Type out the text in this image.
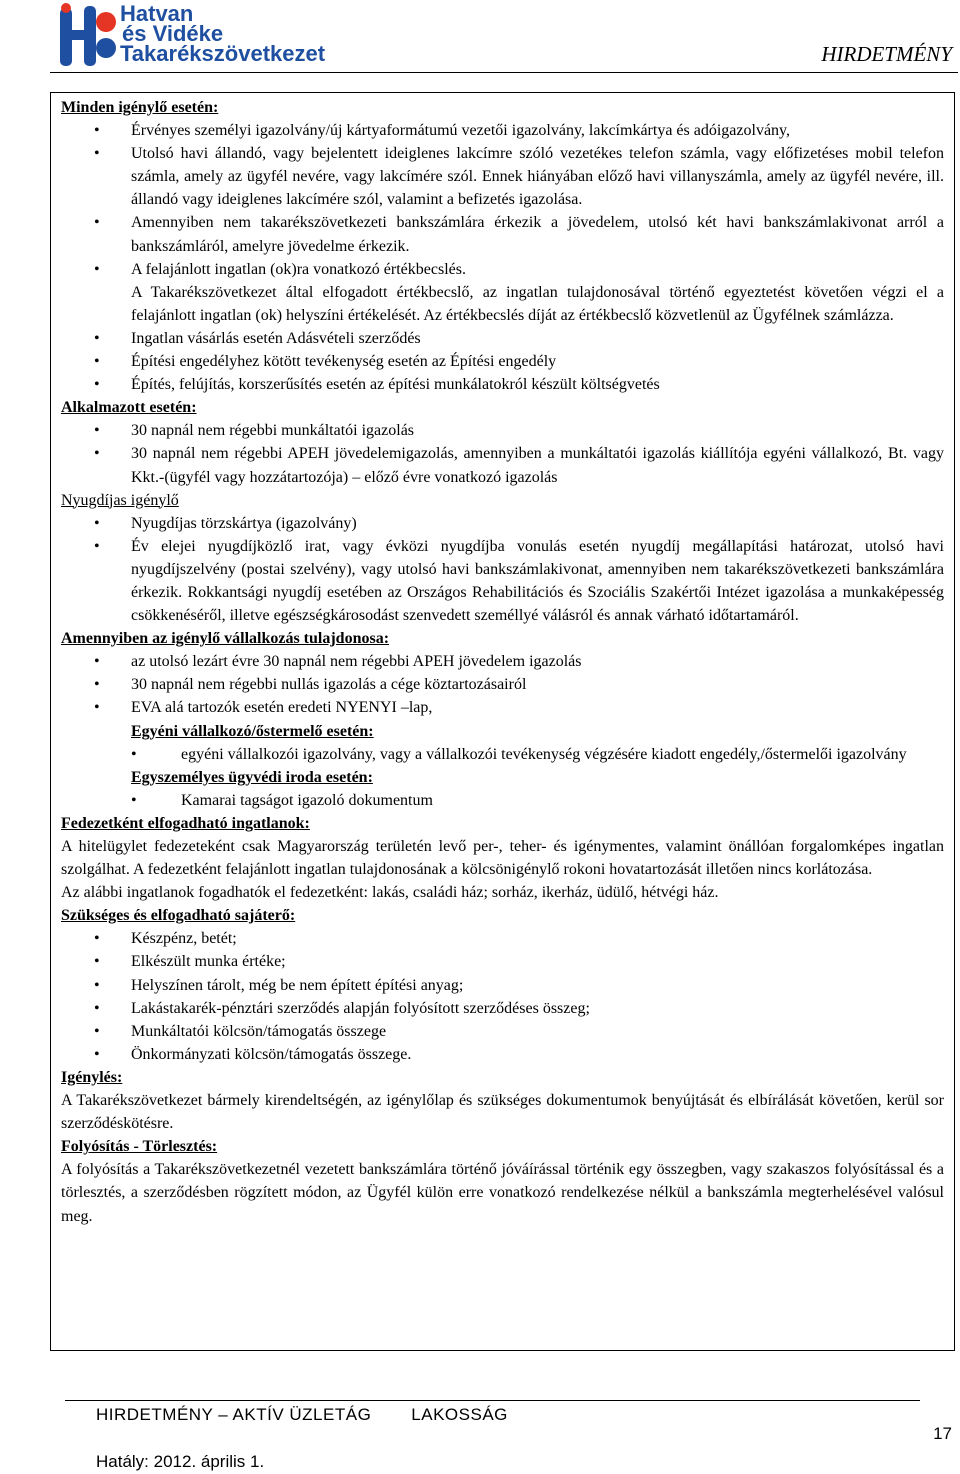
Hatvan
és Vidéke
Takarékszövetkezet	HIRDETMÉNY
Minden igénylő esetén:
• Érvényes személyi igazolvány/új kártyaformátumú vezetői igazolvány, lakcímkártya és adóigazolvány,
• Utolsó havi állandó, vagy bejelentett ideiglenes lakcímre szóló vezetékes telefon számla, vagy előfizetéses mobil telefon számla, amely az ügyfél nevére, vagy lakcímére szól. Ennek hiányában előző havi villanyszámla, amely az ügyfél nevére, ill. állandó vagy ideiglenes lakcímére szól, valamint a befizetés igazolása.
• Amennyiben nem takarékszövetkezeti bankszámlára érkezik a jövedelem, utolsó két havi bankszámlakivonat arról a bankszámláról, amelyre jövedelme érkezik.
• A felajánlott ingatlan (ok)ra vonatkozó értékbecslés.
A Takarékszövetkezet által elfogadott értékbecslő, az ingatlan tulajdonosával történő egyeztetést követően végzi el a felajánlott ingatlan (ok) helyszíni értékelését. Az értékbecslés díját az értékbecslő közvetlenül az Ügyfélnek számlázza.
• Ingatlan vásárlás esetén Adásvételi szerződés
• Építési engedélyhez kötött tevékenység esetén az Építési engedély
• Építés, felújítás, korszerűsítés esetén az építési munkálatokról készült költségvetés
Alkalmazott esetén:
• 30 napnál nem régebbi munkáltatói igazolás
• 30 napnál nem régebbi APEH jövedelemigazolás, amennyiben a munkáltatói igazolás kiállítója egyéni vállalkozó, Bt. vagy Kkt.-(ügyfél vagy hozzátartozója) – előző évre vonatkozó igazolás
Nyugdíjas igénylő
• Nyugdíjas törzskártya (igazolvány)
• Év elejei nyugdíjközlő irat, vagy évközi nyugdíjba vonulás esetén nyugdíj megállapítási határozat, utolsó havi nyugdíjszelvény (postai szelvény), vagy utolsó havi bankszámlakivonat, amennyiben nem takarékszövetkezeti bankszámlára érkezik. Rokkantsági nyugdíj esetében az Országos Rehabilitációs és Szociális Szakértői Intézet igazolása a munkaképesség csökkenéséről, illetve egészségkárosodást szenvedett személlyé válásról és annak várható időtartamáról.
Amennyiben az igénylő vállalkozás tulajdonosa:
• az utolsó lezárt évre 30 napnál nem régebbi APEH jövedelem igazolás
• 30 napnál nem régebbi nullás igazolás a cége köztartozásairól
• EVA alá tartozók esetén eredeti NYENYI –lap,
Egyéni vállalkozó/őstermelő esetén:
•	egyéni vállalkozói igazolvány, vagy a vállalkozói tevékenység végzésére kiadott engedély,/őstermelői igazolvány
Egyszemélyes ügyvédi iroda esetén:
•	Kamarai tagságot igazoló dokumentum
Fedezetként elfogadható ingatlanok:
A hitelügylet fedezeteként csak Magyarország területén levő per-, teher- és igénymentes, valamint önállóan forgalomképes ingatlan szolgálhat. A fedezetként felajánlott ingatlan tulajdonosának a kölcsönigénylő rokoni hovatartozását illetően nincs korlátozása.
Az alábbi ingatlanok fogadhatók el fedezetként: lakás, családi ház; sorház, ikerház, üdülő, hétvégi ház.
Szükséges és elfogadható sajáterő:
• Készpénz, betét;
• Elkészült munka értéke;
• Helyszínen tárolt, még be nem épített építési anyag;
• Lakástakarék-pénztári szerződés alapján folyósított szerződéses összeg;
• Munkáltatói kölcsön/támogatás összege
• Önkormányzati kölcsön/támogatás összege.
Igénylés:
A Takarékszövetkezet bármely kirendeltségén, az igénylőlap és szükséges dokumentumok benyújtását és elbírálását követően, kerül sor szerződéskötésre.
Folyósítás - Törlesztés:
A folyósítás a Takarékszövetkezetnél vezetett bankszámlára történő jóváírással történik egy összegben, vagy szakaszos folyósítással és a törlesztés, a szerződésben rögzített módon, az Ügyfél külön erre vonatkozó rendelkezése nélkül a bankszámla megterhelésével valósul meg.
HIRDETMÉNY – AKTÍV ÜZLETÁG LAKOSSÁG
17
Hatály: 2012. április 1.
